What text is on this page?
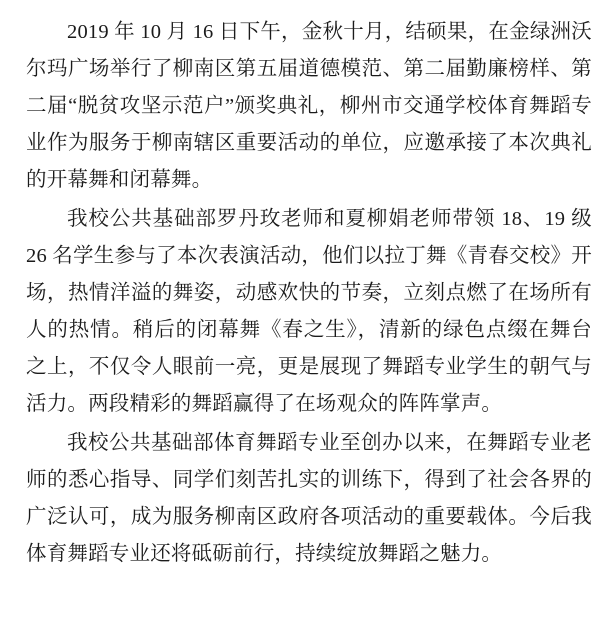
2019 年 10 月 16 日下午，金秋十月，结硕果，在金绿洲沃尔玛广场举行了柳南区第五届道德模范、第二届勤廉榜样、第二届“脱贫攻坚示范户”颁奖典礼，柳州市交通学校体育舞蹈专业作为服务于柳南辖区重要活动的单位，应邀承接了本次典礼的开幕舞和闭幕舞。

我校公共基础部罗丹玫老师和夏柳娟老师带领 18、19 级 26 名学生参与了本次表演活动，他们以拉丁舞《青春交校》开场，热情洋溢的舞姿，动感欢快的节奏，立刻点燃了在场所有人的热情。稍后的闭幕舞《春之生》，清新的绿色点缀在舞台之上，不仅令人眼前一亮，更是展现了舞蹈专业学生的朝气与活力。两段精彩的舞蹈赢得了在场观众的阵阵掌声。

我校公共基础部体育舞蹈专业至创办以来，在舞蹈专业老师的悉心指导、同学们刻苦扎实的训练下，得到了社会各界的广泛认可，成为服务柳南区政府各项活动的重要载体。今后我体育舞蹈专业还将砥砺前行，持续绽放舞蹈之魅力。
